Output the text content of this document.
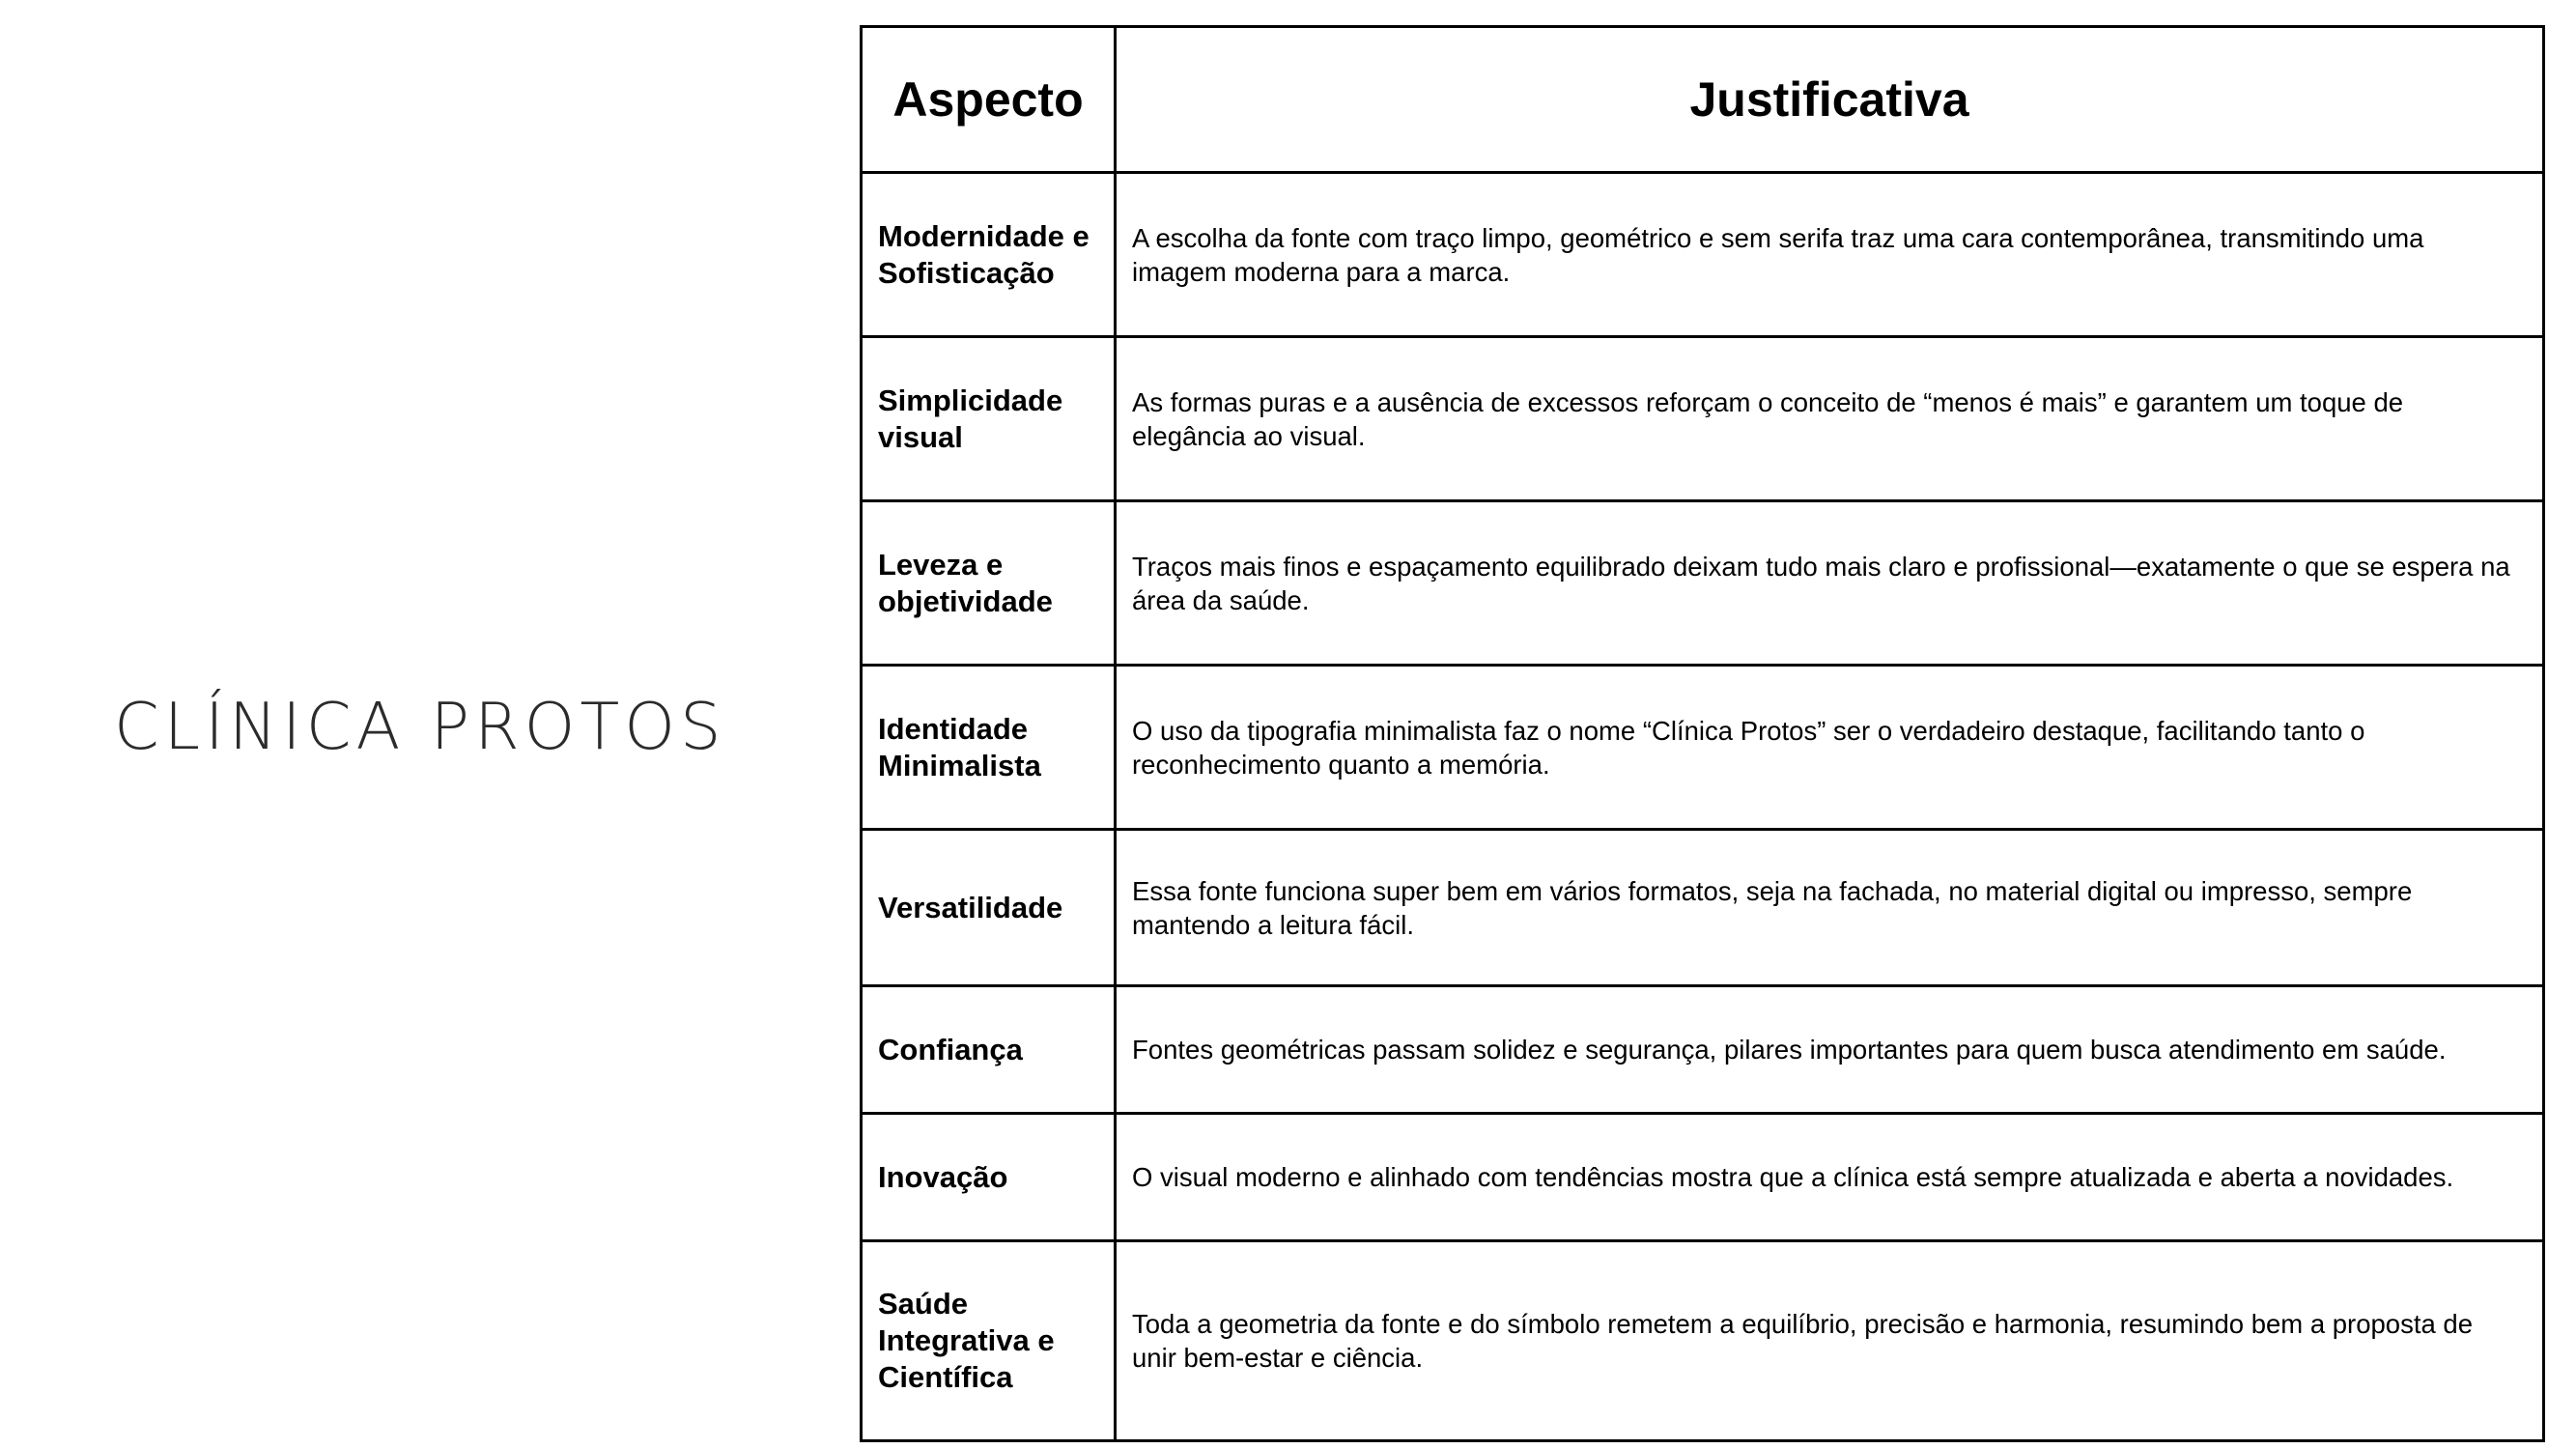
CLÍNICA PROTOS
Aspecto	Justificativa
Modernidade e Sofisticação	A escolha da fonte com traço limpo, geométrico e sem serifa traz uma cara contemporânea, transmitindo uma imagem moderna para a marca.
Simplicidade visual	As formas puras e a ausência de excessos reforçam o conceito de “menos é mais” e garantem um toque de elegância ao visual.
Leveza e objetividade	Traços mais finos e espaçamento equilibrado deixam tudo mais claro e profissional—exatamente o que se espera na área da saúde.
Identidade Minimalista	O uso da tipografia minimalista faz o nome “Clínica Protos” ser o verdadeiro destaque, facilitando tanto o reconhecimento quanto a memória.
Versatilidade	Essa fonte funciona super bem em vários formatos, seja na fachada, no material digital ou impresso, sempre mantendo a leitura fácil.
Confiança	Fontes geométricas passam solidez e segurança, pilares importantes para quem busca atendimento em saúde.
Inovação	O visual moderno e alinhado com tendências mostra que a clínica está sempre atualizada e aberta a novidades.
Saúde Integrativa e Científica	Toda a geometria da fonte e do símbolo remetem a equilíbrio, precisão e harmonia, resumindo bem a proposta de unir bem-estar e ciência.
